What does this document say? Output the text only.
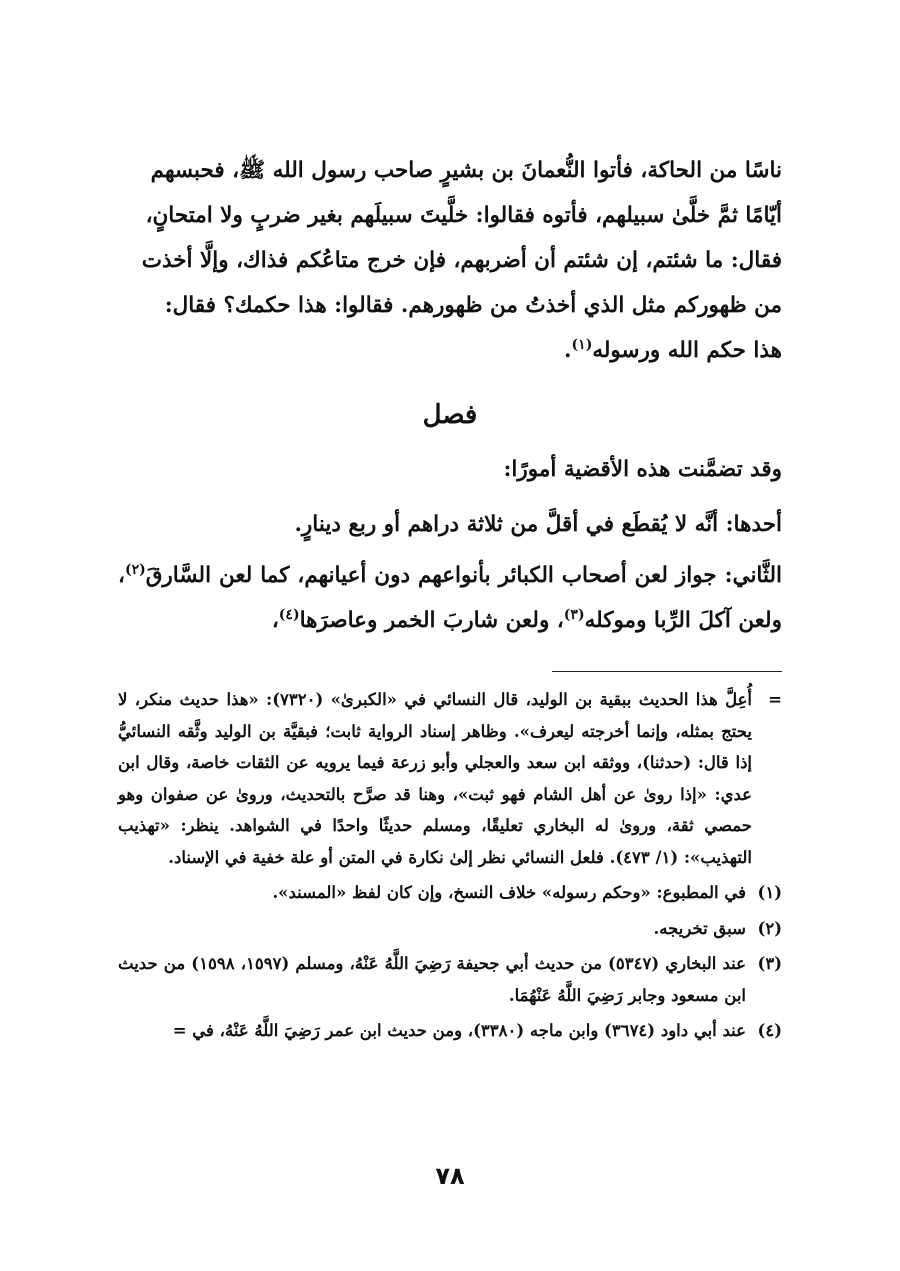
ناسًا من الحاكة، فأتوا النُّعمانَ بن بشيرٍ صاحب رسول الله ﷺ، فحبسهم

أيّامًا ثمَّ خلَّىٰ سبيلهم، فأتوه فقالوا: خلَّيتَ سبيلَهم بغير ضربٍ ولا امتحانٍ،

فقال: ما شئتم، إن شئتم أن أضربهم، فإن خرج متاعُكم فذاك، وإلَّا أخذت

من ظهوركم مثل الذي أخذتُ من ظهورهم. فقالوا: هذا حكمك؟ فقال:

هذا حكم الله ورسوله$^{(١)}$.

فصل
وقد تضمَّنت هذه الأقضية أمورًا:
أحدها: أنَّه لا يُقطَع في أقلَّ من ثلاثة دراهم أو ربع دينارٍ.
الثَّاني: جواز لعن أصحاب الكبائر بأنواعهم دون أعيانهم، كما لعن السَّارقَ$^{(٢)}$، ولعن آكلَ الرِّبا وموكله$^{(٣)}$، ولعن شاربَ الخمر وعاصرَها$^{(٤)}$،
=
أُعِلَّ هذا الحديث ببقية بن الوليد، قال النسائي في «الكبرىٰ» (٧٣٢٠): «هذا حديث منكر، لا يحتج بمثله، وإنما أخرجته ليعرف». وظاهر إسناد الرواية ثابت؛ فبقيَّة بن الوليد وثَّقه النسائيُّ إذا قال: (حدثنا)، ووثقه ابن سعد والعجلي وأبو زرعة فيما يرويه عن الثقات خاصة، وقال ابن عدي: «إذا روىٰ عن أهل الشام فهو ثبت»، وهنا قد صرَّح بالتحديث، وروىٰ عن صفوان وهو حمصي ثقة، وروىٰ له البخاري تعليقًا، ومسلم حديثًا واحدًا في الشواهد. ينظر: «تهذيب التهذيب»: (١/ ٤٧٣). فلعل النسائي نظر إلىٰ نكارة في المتن أو علة خفية في الإسناد.
(١)
في المطبوع: «وحكم رسوله» خلاف النسخ، وإن كان لفظ «المسند».
(٢)
سبق تخريجه.
(٣)
عند البخاري (٥٣٤٧) من حديث أبي جحيفة رَضِيَ اللَّهُ عَنْهُ، ومسلم (١٥٩٧، ١٥٩٨) من حديث ابن مسعود وجابر رَضِيَ اللَّهُ عَنْهُمَا.
(٤)
عند أبي داود (٣٦٧٤) وابن ماجه (٣٣٨٠)، ومن حديث ابن عمر رَضِيَ اللَّهُ عَنْهُ، في =
٧٨
